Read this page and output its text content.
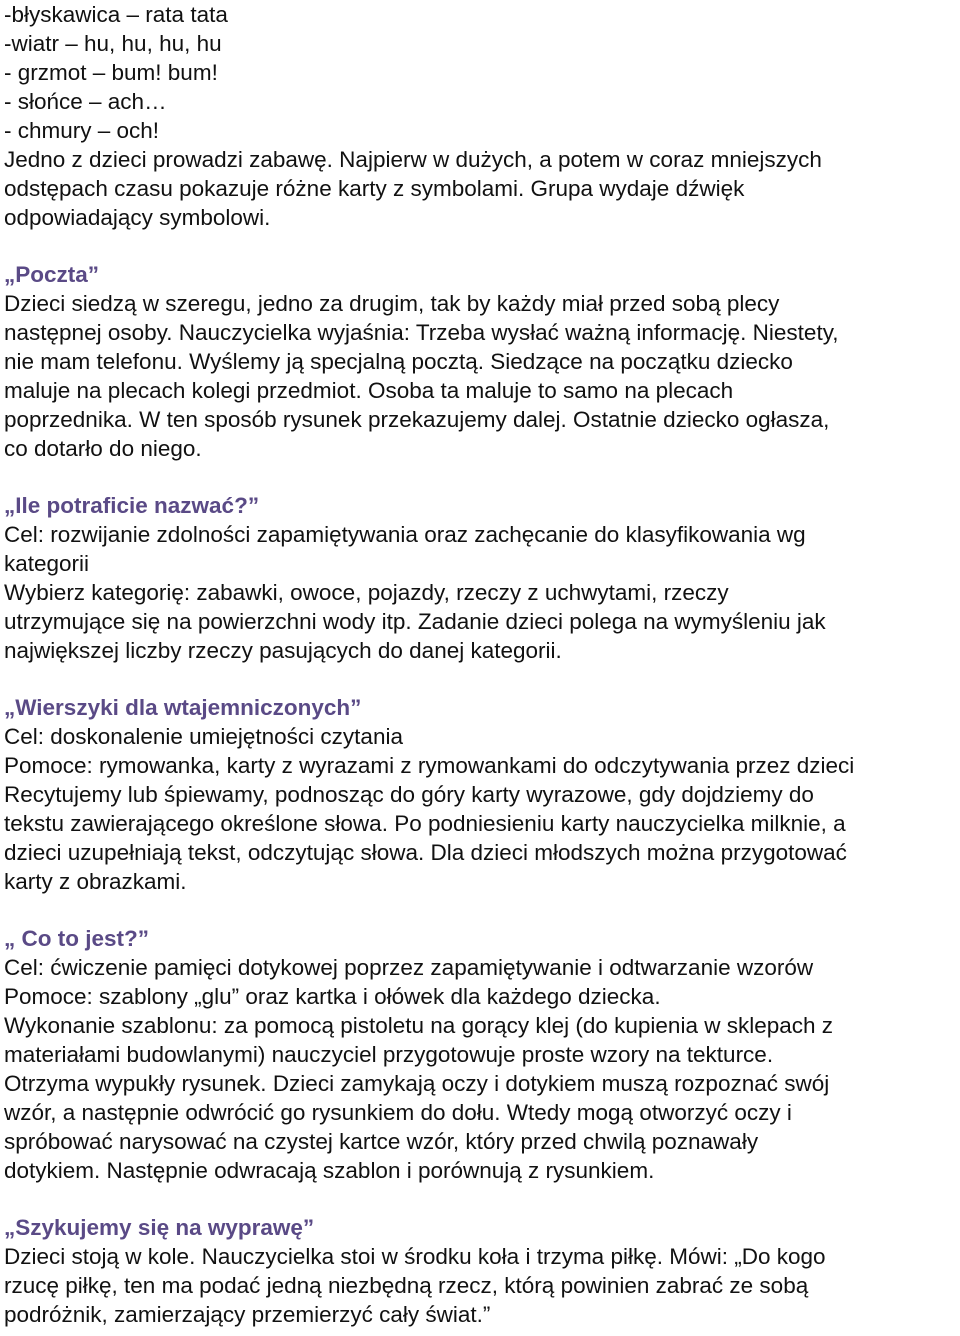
-błyskawica – rata tata
-wiatr – hu, hu, hu, hu
- grzmot – bum! bum!
- słońce – ach…
- chmury – och!
Jedno z dzieci prowadzi zabawę. Najpierw w dużych, a potem w coraz mniejszych
odstępach czasu pokazuje różne karty z symbolami. Grupa wydaje dźwięk
odpowiadający symbolowi.
„Poczta”
Dzieci siedzą w szeregu, jedno za drugim, tak by każdy miał przed sobą plecy
następnej osoby. Nauczycielka wyjaśnia: Trzeba wysłać ważną informację. Niestety,
nie mam telefonu. Wyślemy ją specjalną pocztą. Siedzące na początku dziecko
maluje na plecach kolegi przedmiot. Osoba ta maluje to samo na plecach
poprzednika. W ten sposób rysunek przekazujemy dalej. Ostatnie dziecko ogłasza,
co dotarło do niego.
„Ile potraficie nazwać?”
Cel: rozwijanie zdolności zapamiętywania oraz zachęcanie do klasyfikowania wg
kategorii
Wybierz kategorię: zabawki, owoce, pojazdy, rzeczy z uchwytami, rzeczy
utrzymujące się na powierzchni wody itp. Zadanie dzieci polega na wymyśleniu jak
największej liczby rzeczy pasujących do danej kategorii.
„Wierszyki dla wtajemniczonych”
Cel: doskonalenie umiejętności czytania
Pomoce: rymowanka, karty z wyrazami z rymowankami do odczytywania przez dzieci
Recytujemy lub śpiewamy, podnosząc do góry karty wyrazowe, gdy dojdziemy do
tekstu zawierającego określone słowa. Po podniesieniu karty nauczycielka milknie, a
dzieci uzupełniają tekst, odczytując słowa. Dla dzieci młodszych można przygotować
karty z obrazkami.
„ Co to jest?”
Cel: ćwiczenie pamięci dotykowej poprzez zapamiętywanie i odtwarzanie wzorów
Pomoce: szablony „glu” oraz kartka i ołówek dla każdego dziecka.
Wykonanie szablonu: za pomocą pistoletu na gorący klej (do kupienia w sklepach z
materiałami budowlanymi) nauczyciel przygotowuje proste wzory na tekturce.
Otrzyma wypukły rysunek. Dzieci zamykają oczy i dotykiem muszą rozpoznać swój
wzór, a następnie odwrócić go rysunkiem do dołu. Wtedy mogą otworzyć oczy i
spróbować narysować na czystej kartce wzór, który przed chwilą poznawały
dotykiem. Następnie odwracają szablon i porównują z rysunkiem.
„Szykujemy się na wyprawę”
Dzieci stoją w kole. Nauczycielka stoi w środku koła i trzyma piłkę. Mówi: „Do kogo
rzucę piłkę, ten ma podać jedną niezbędną rzecz, którą powinien zabrać ze sobą
podróżnik, zamierzający przemierzyć cały świat.”
